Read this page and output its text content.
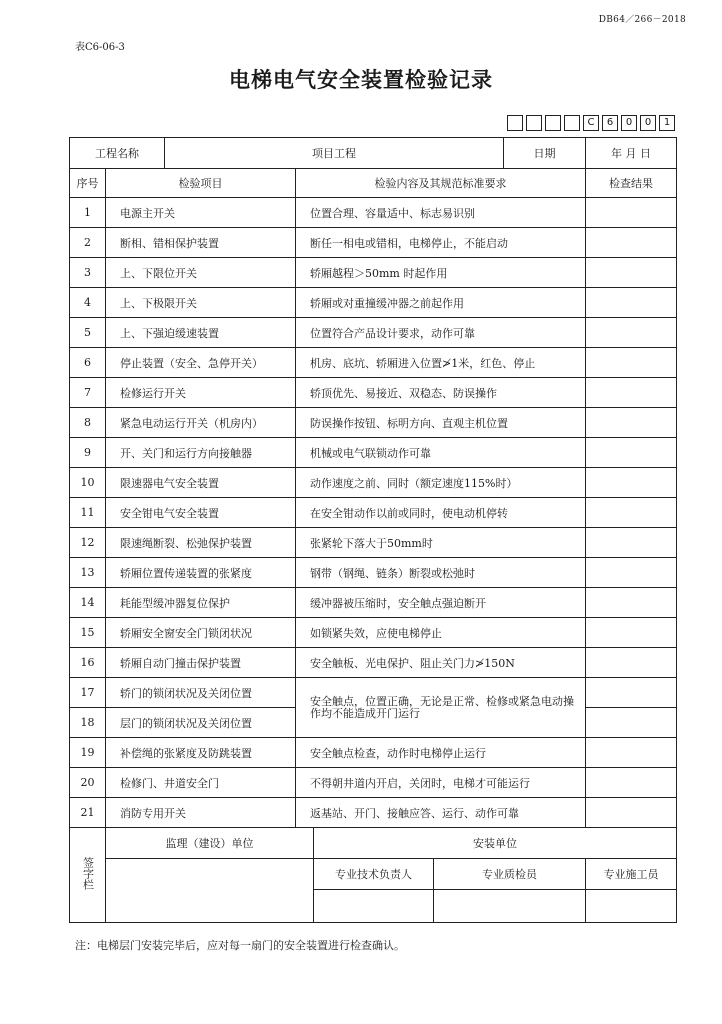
DB64／266－2018
表C6-06-3
电梯电气安全装置检验记录
C	6	0	0	1
工程名称		项目工程				日期	年 月 日
序号	检验项目		检验内容及其规范标准要求				检查结果
1	电源主开关		位置合理、容量适中、标志易识别				
2	断相、错相保护装置		断任一相电或错相，电梯停止，不能启动				
3	上、下限位开关		轿厢越程＞50mm 时起作用				
4	上、下极限开关		轿厢或对重撞缓冲器之前起作用				
5	上、下强迫缓速装置		位置符合产品设计要求，动作可靠				
6	停止装置（安全、急停开关）		机房、底坑、轿厢进入位置≯1米，红色、停止				
7	检修运行开关		轿顶优先、易接近、双稳态、防误操作				
8	紧急电动运行开关（机房内）		防误操作按钮、标明方向、直观主机位置				
9	开、关门和运行方向接触器		机械或电气联锁动作可靠				
10	限速器电气安全装置		动作速度之前、同时（额定速度115%时）				
11	安全钳电气安全装置		在安全钳动作以前或同时，使电动机停转				
12	限速绳断裂、松弛保护装置		张紧轮下落大于50mm时				
13	轿厢位置传递装置的张紧度		钢带（钢绳、链条）断裂或松弛时				
14	耗能型缓冲器复位保护		缓冲器被压缩时，安全触点强迫断开				
15	轿厢安全窗安全门锁闭状况		如锁紧失效，应使电梯停止				
16	轿厢自动门撞击保护装置		安全触板、光电保护、阻止关门力≯150N				
17	轿门的锁闭状况及关闭位置		安全触点，位置正确，无论是正常、检修或紧急电动操作均不能造成开门运行				
18	层门的锁闭状况及关闭位置						
19	补偿绳的张紧度及防跳装置		安全触点检查，动作时电梯停止运行				
20	检修门、井道安全门		不得朝井道内开启，关闭时，电梯才可能运行				
21	消防专用开关		返基站、开门、接触应答、运行、动作可靠				
签字栏	监理（建设）单位			安装单位			
				专业技术负责人	专业质检员		专业施工员

注：电梯层门安装完毕后，应对每一扇门的安全装置进行检查确认。
